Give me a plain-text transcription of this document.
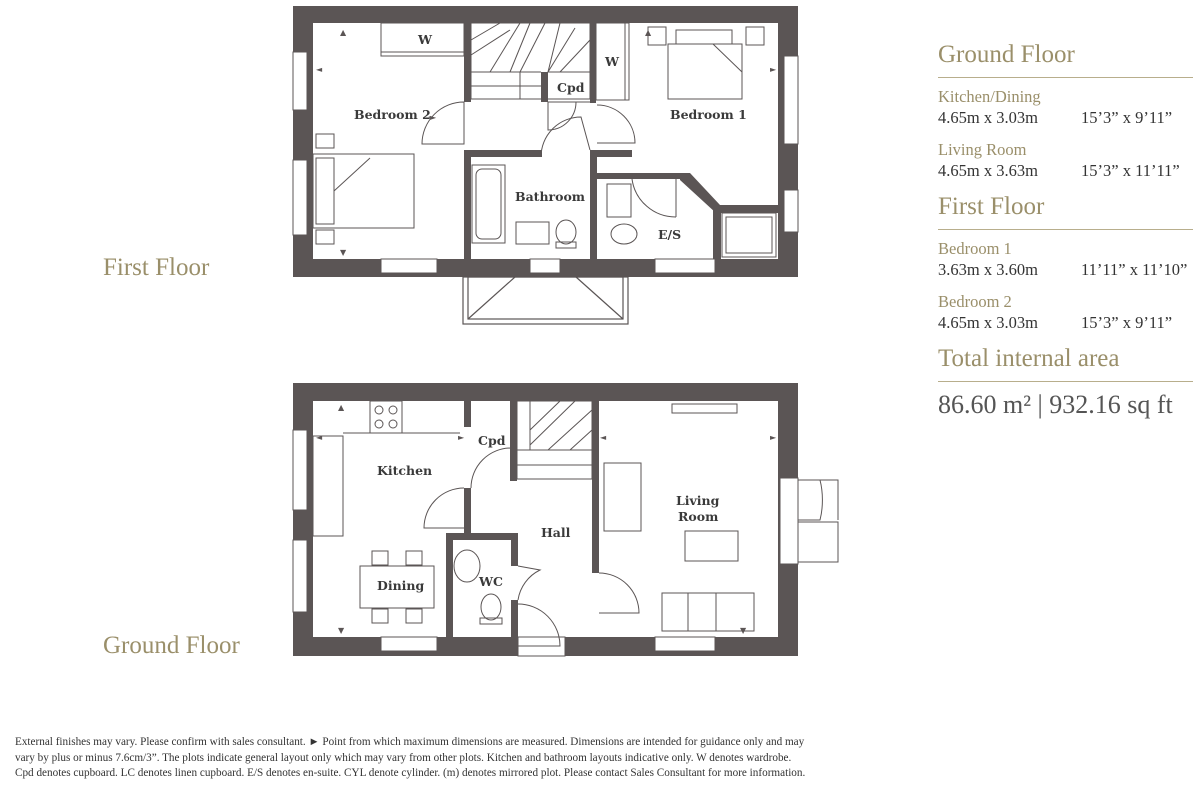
▲
◄
▼
►
▲
►
Bedroom 2	Bedroom 1
Bathroom
Cpd
E/S
W
W
▲
◄
▼
►	◄	►
▼
Kitchen
Dining
Cpd
Hall
WC
Living
Room
First Floor
Ground Floor
Ground Floor
Kitchen/Dining
4.65m x 3.03m	15’3” x 9’11”
Living Room
4.65m x 3.63m	15’3” x 11’11”
First Floor
Bedroom 1
3.63m x 3.60m	11’11” x 11’10”
Bedroom 2
4.65m x 3.03m	15’3” x 9’11”
Total internal area
86.60 m² | 932.16 sq ft

External finishes may vary. Please confirm with sales consultant. ► Point from which maximum dimensions are measured. Dimensions are intended for guidance only and may

vary by plus or minus 7.6cm/3”. The plots indicate general layout only which may vary from other plots. Kitchen and bathroom layouts indicative only. W denotes wardrobe.

Cpd denotes cupboard. LC denotes linen cupboard. E/S denotes en-suite. CYL denote cylinder. (m) denotes mirrored plot. Please contact Sales Consultant for more information.
